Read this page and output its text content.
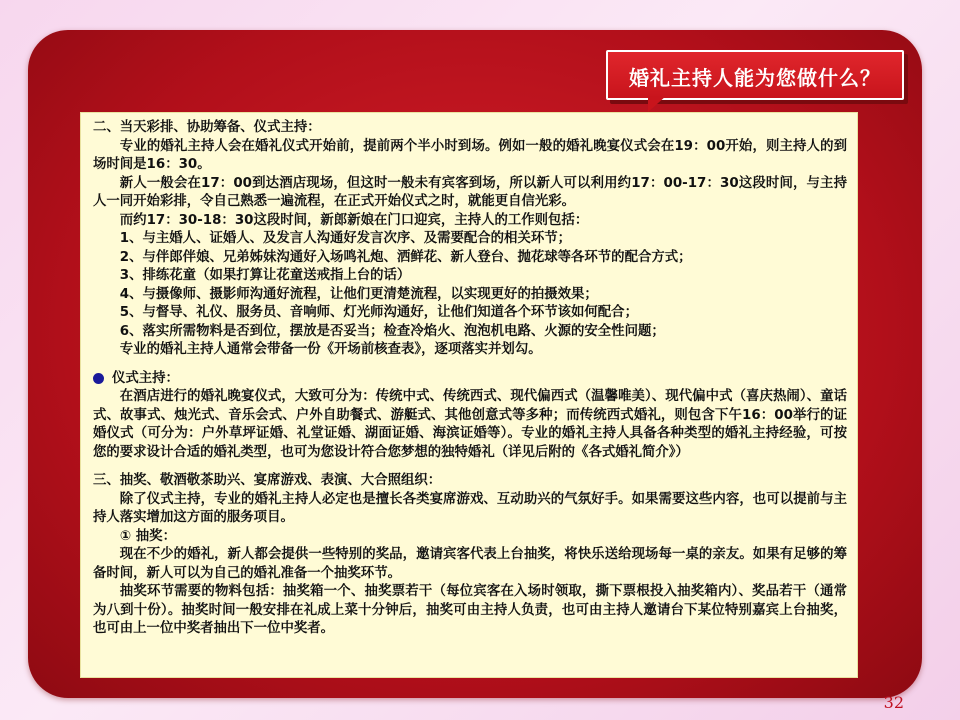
婚礼主持人能为您做什么？

二、当天彩排、协助筹备、仪式主持：

专业的婚礼主持人会在婚礼仪式开始前，提前两个半小时到场。例如一般的婚礼晚宴仪式会在19：00开始，则主持人的到场时间是16：30。

新人一般会在17：00到达酒店现场，但这时一般未有宾客到场，所以新人可以利用约17：00-17：30这段时间，与主持人一同开始彩排，令自己熟悉一遍流程，在正式开始仪式之时，就能更自信光彩。

而约17：30-18：30这段时间，新郎新娘在门口迎宾，主持人的工作则包括：

1、与主婚人、证婚人、及发言人沟通好发言次序、及需要配合的相关环节；

2、与伴郎伴娘、兄弟姊妹沟通好入场鸣礼炮、洒鲜花、新人登台、抛花球等各环节的配合方式；

3、排练花童（如果打算让花童送戒指上台的话）

4、与摄像师、摄影师沟通好流程，让他们更清楚流程，以实现更好的拍摄效果；

5、与督导、礼仪、服务员、音响师、灯光师沟通好，让他们知道各个环节该如何配合；

6、落实所需物料是否到位，摆放是否妥当；检查冷焰火、泡泡机电路、火源的安全性问题；

专业的婚礼主持人通常会带备一份《开场前核查表》，逐项落实并划勾。

仪式主持：

在酒店进行的婚礼晚宴仪式，大致可分为：传统中式、传统西式、现代偏西式（温馨唯美）、现代偏中式（喜庆热闹）、童话式、故事式、烛光式、音乐会式、户外自助餐式、游艇式、其他创意式等多种；而传统西式婚礼，则包含下午16：00举行的证婚仪式（可分为：户外草坪证婚、礼堂证婚、湖面证婚、海滨证婚等）。专业的婚礼主持人具备各种类型的婚礼主持经验，可按您的要求设计合适的婚礼类型，也可为您设计符合您梦想的独特婚礼（详见后附的《各式婚礼简介》）

三、抽奖、敬酒敬茶助兴、宴席游戏、表演、大合照组织：

除了仪式主持，专业的婚礼主持人必定也是擅长各类宴席游戏、互动助兴的气氛好手。如果需要这些内容，也可以提前与主持人落实增加这方面的服务项目。

① 抽奖：

现在不少的婚礼，新人都会提供一些特别的奖品，邀请宾客代表上台抽奖，将快乐送给现场每一桌的亲友。如果有足够的筹备时间，新人可以为自己的婚礼准备一个抽奖环节。

抽奖环节需要的物料包括：抽奖箱一个、抽奖票若干（每位宾客在入场时领取，撕下票根投入抽奖箱内）、奖品若干（通常为八到十份）。抽奖时间一般安排在礼成上菜十分钟后，抽奖可由主持人负责，也可由主持人邀请台下某位特别嘉宾上台抽奖，也可由上一位中奖者抽出下一位中奖者。

32
